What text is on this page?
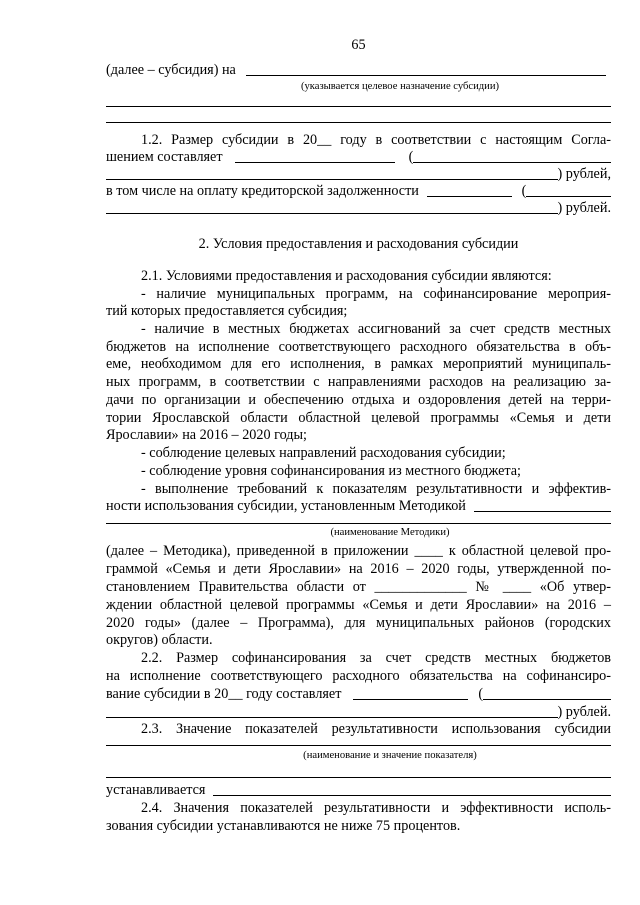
65
(далее – субсидия) на
(указывается целевое назначение субсидии)
1.2. Размер субсидии в 20__ году в соответствии с настоящим Согла-
шением составляет	(
) рублей,
в том числе на оплату кредиторской задолженности	(
) рублей.
2. Условия предоставления и расходования субсидии
2.1. Условиями предоставления и расходования субсидии являются:
- наличие муниципальных программ, на софинансирование мероприя-
тий которых предоставляется субсидия;
- наличие в местных бюджетах ассигнований за счет средств местных
бюджетов на исполнение соответствующего расходного обязательства в объ-
еме, необходимом для его исполнения, в рамках мероприятий муниципаль-
ных программ, в соответствии с направлениями расходов на реализацию за-
дачи по организации и обеспечению отдыха и оздоровления детей на терри-
тории Ярославской области областной целевой программы «Семья и дети
Ярославии» на 2016 – 2020 годы;
- соблюдение целевых направлений расходования субсидии;
- соблюдение уровня софинансирования из местного бюджета;
- выполнение требований к показателям результативности и эффектив-
ности использования субсидии, установленным Методикой
(наименование Методики)
(далее – Методика), приведенной в приложении ____ к областной целевой про-
граммой «Семья и дети Ярославии» на 2016 – 2020 годы, утвержденной по-
становлением Правительства области от _____________ № ____ «Об утвер-
ждении областной целевой программы «Семья и дети Ярославии» на 2016 –
2020 годы» (далее – Программа), для муниципальных районов (городских
округов) области.
2.2. Размер софинансирования за счет средств местных бюджетов
на исполнение соответствующего расходного обязательства на софинансиро-
вание субсидии в 20__ году составляет	(
) рублей.
2.3. Значение показателей результативности использования субсидии
(наименование и значение показателя)
устанавливается
2.4. Значения показателей результативности и эффективности исполь-
зования субсидии устанавливаются не ниже 75 процентов.
